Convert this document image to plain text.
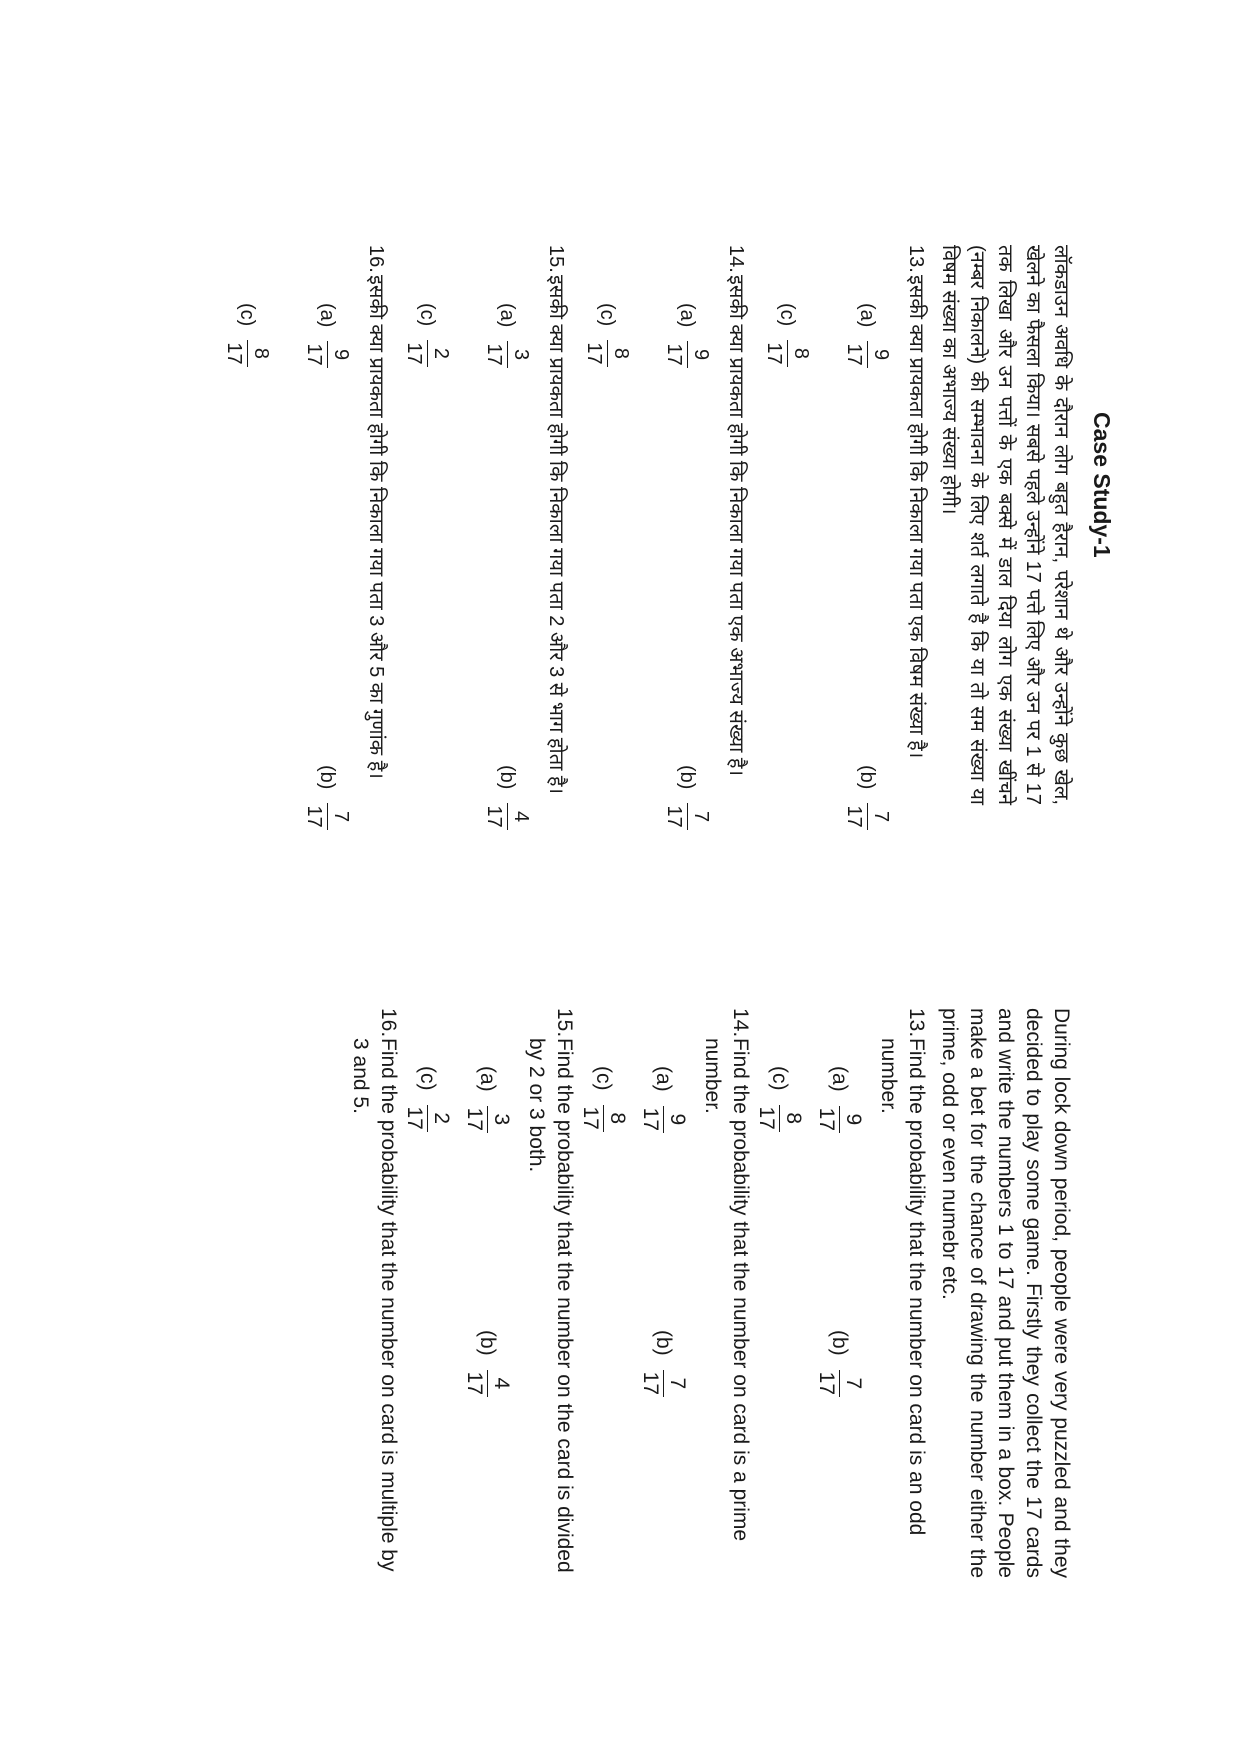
Case Study-1

लॉकडाउन अवधि के दौरान लोग बहुत हैरान, परेशान थे और उन्होंने कुछ खेल, खेलने का फैसला किया। सबसे पहले उन्होंने 17 पत्ते लिए और उन पर 1 से 17 तक लिखा और उन पत्तों के एक बक्से में डाल दिया लोग एक संख्या खींचने (नम्बर निकालने) की सम्भावना के लिए शर्त लगाते है कि या तो सम संख्या या विषम संख्या का अभाज्य संख्या होगी।

13.
इसकी क्या प्रायकता होगी कि निकाला गया पता एक विषम संख्या है।
(a)
9
17
(b)
7
17
(c)
8
17
14.
इसकी क्या प्रायकता होगी कि निकाला गया पता एक अभाज्य संख्या है।
(a)
9
17
(b)
7
17
(c)
8
17
15.
इसकी क्या प्रायकता होगी कि निकाला गया पता 2 और 3 से भाग होता है।
(a)
3
17
(b)
4
17
(c)
2
17
16.
इसकी क्या प्रायकता होगी कि निकाला गया पता 3 और 5 का गुणांक है।
(a)
9
17
(b)
7
17
(c)
8
17

During lock down period, people were very puzzled and they decided to play some game. Firstly they collect the 17 cards and write the numbers 1 to 17 and put them in a box. People make a bet for the chance of drawing the number either the prime, odd or even numebr etc.

13.
Find the probability that the number on card is an odd number.
(a)
9
17
(b)
7
17
(c)
8
17
14.
Find the probability that the number on card is a prime number.
(a)
9
17
(b)
7
17
(c)
8
17
15.
Find the probability that the number on the card is divided by 2 or 3 both.
(a)
3
17
(b)
4
17
(c)
2
17
16.
Find the probability that the number on card is multiple by 3 and 5.
